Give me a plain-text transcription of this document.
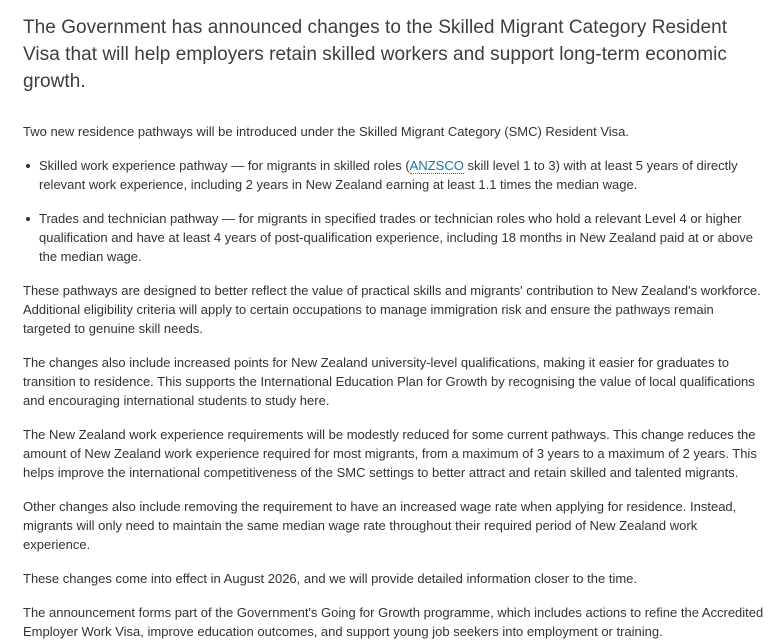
The Government has announced changes to the Skilled Migrant Category Resident Visa that will help employers retain skilled workers and support long-term economic growth.

Two new residence pathways will be introduced under the Skilled Migrant Category (SMC) Resident Visa.

Skilled work experience pathway — for migrants in skilled roles (ANZSCO skill level 1 to 3) with at least 5 years of directly relevant work experience, including 2 years in New Zealand earning at least 1.1 times the median wage.
Trades and technician pathway — for migrants in specified trades or technician roles who hold a relevant Level 4 or higher qualification and have at least 4 years of post-qualification experience, including 18 months in New Zealand paid at or above the median wage.

These pathways are designed to better reflect the value of practical skills and migrants' contribution to New Zealand's workforce. Additional eligibility criteria will apply to certain occupations to manage immigration risk and ensure the pathways remain targeted to genuine skill needs.

The changes also include increased points for New Zealand university-level qualifications, making it easier for graduates to transition to residence. This supports the International Education Plan for Growth by recognising the value of local qualifications and encouraging international students to study here.

The New Zealand work experience requirements will be modestly reduced for some current pathways. This change reduces the amount of New Zealand work experience required for most migrants, from a maximum of 3 years to a maximum of 2 years. This helps improve the international competitiveness of the SMC settings to better attract and retain skilled and talented migrants.

Other changes also include removing the requirement to have an increased wage rate when applying for residence. Instead, migrants will only need to maintain the same median wage rate throughout their required period of New Zealand work experience.

These changes come into effect in August 2026, and we will provide detailed information closer to the time.

The announcement forms part of the Government's Going for Growth programme, which includes actions to refine the Accredited Employer Work Visa, improve education outcomes, and support young job seekers into employment or training.
